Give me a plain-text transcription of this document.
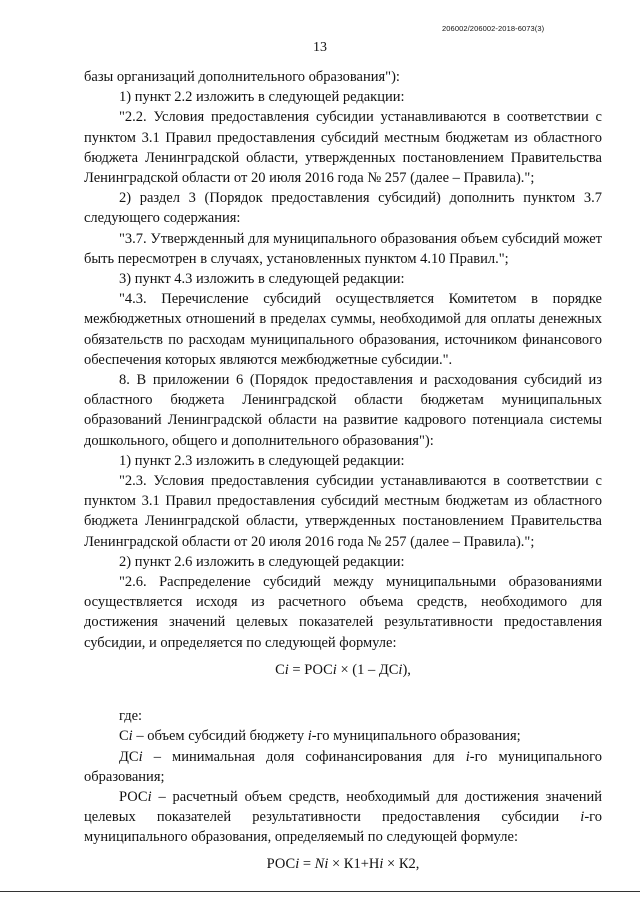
206002/206002-2018-6073(3)
13

базы организаций дополнительного образования"):

1) пункт 2.2 изложить в следующей редакции:

"2.2. Условия предоставления субсидии устанавливаются в соответствии с пунктом 3.1 Правил предоставления субсидий местным бюджетам из областного бюджета Ленинградской области, утвержденных постановлением Правительства Ленинградской области от 20 июля 2016 года № 257 (далее – Правила).";

2) раздел 3 (Порядок предоставления субсидий) дополнить пунктом 3.7 следующего содержания:

"3.7. Утвержденный для муниципального образования объем субсидий может быть пересмотрен в случаях, установленных пунктом 4.10 Правил.";

3) пункт 4.3 изложить в следующей редакции:

"4.3. Перечисление субсидий осуществляется Комитетом в порядке межбюджетных отношений в пределах суммы, необходимой для оплаты денежных обязательств по расходам муниципального образования, источником финансового обеспечения которых являются межбюджетные субсидии.".

8. В приложении 6 (Порядок предоставления и расходования субсидий из областного бюджета Ленинградской области бюджетам муниципальных образований Ленинградской области на развитие кадрового потенциала системы дошкольного, общего и дополнительного образования"):

1) пункт 2.3 изложить в следующей редакции:

"2.3. Условия предоставления субсидии устанавливаются в соответствии с пунктом 3.1 Правил предоставления субсидий местным бюджетам из областного бюджета Ленинградской области, утвержденных постановлением Правительства Ленинградской области от 20 июля 2016 года № 257 (далее – Правила).";

2) пункт 2.6 изложить в следующей редакции:

"2.6. Распределение субсидий между муниципальными образованиями осуществляется исходя из расчетного объема средств, необходимого для достижения значений целевых показателей результативности предоставления субсидии, и определяется по следующей формуле:

Сi = РОСi × (1 – ДСi),

где:

Сi – объем субсидий бюджету i-го муниципального образования;

ДСi – минимальная доля софинансирования для i-го муниципального образования;

РОСi – расчетный объем средств, необходимый для достижения значений целевых показателей результативности предоставления субсидии i-го муниципального образования, определяемый по следующей формуле:

РОСi = Ni × К1+Нi × К2,
